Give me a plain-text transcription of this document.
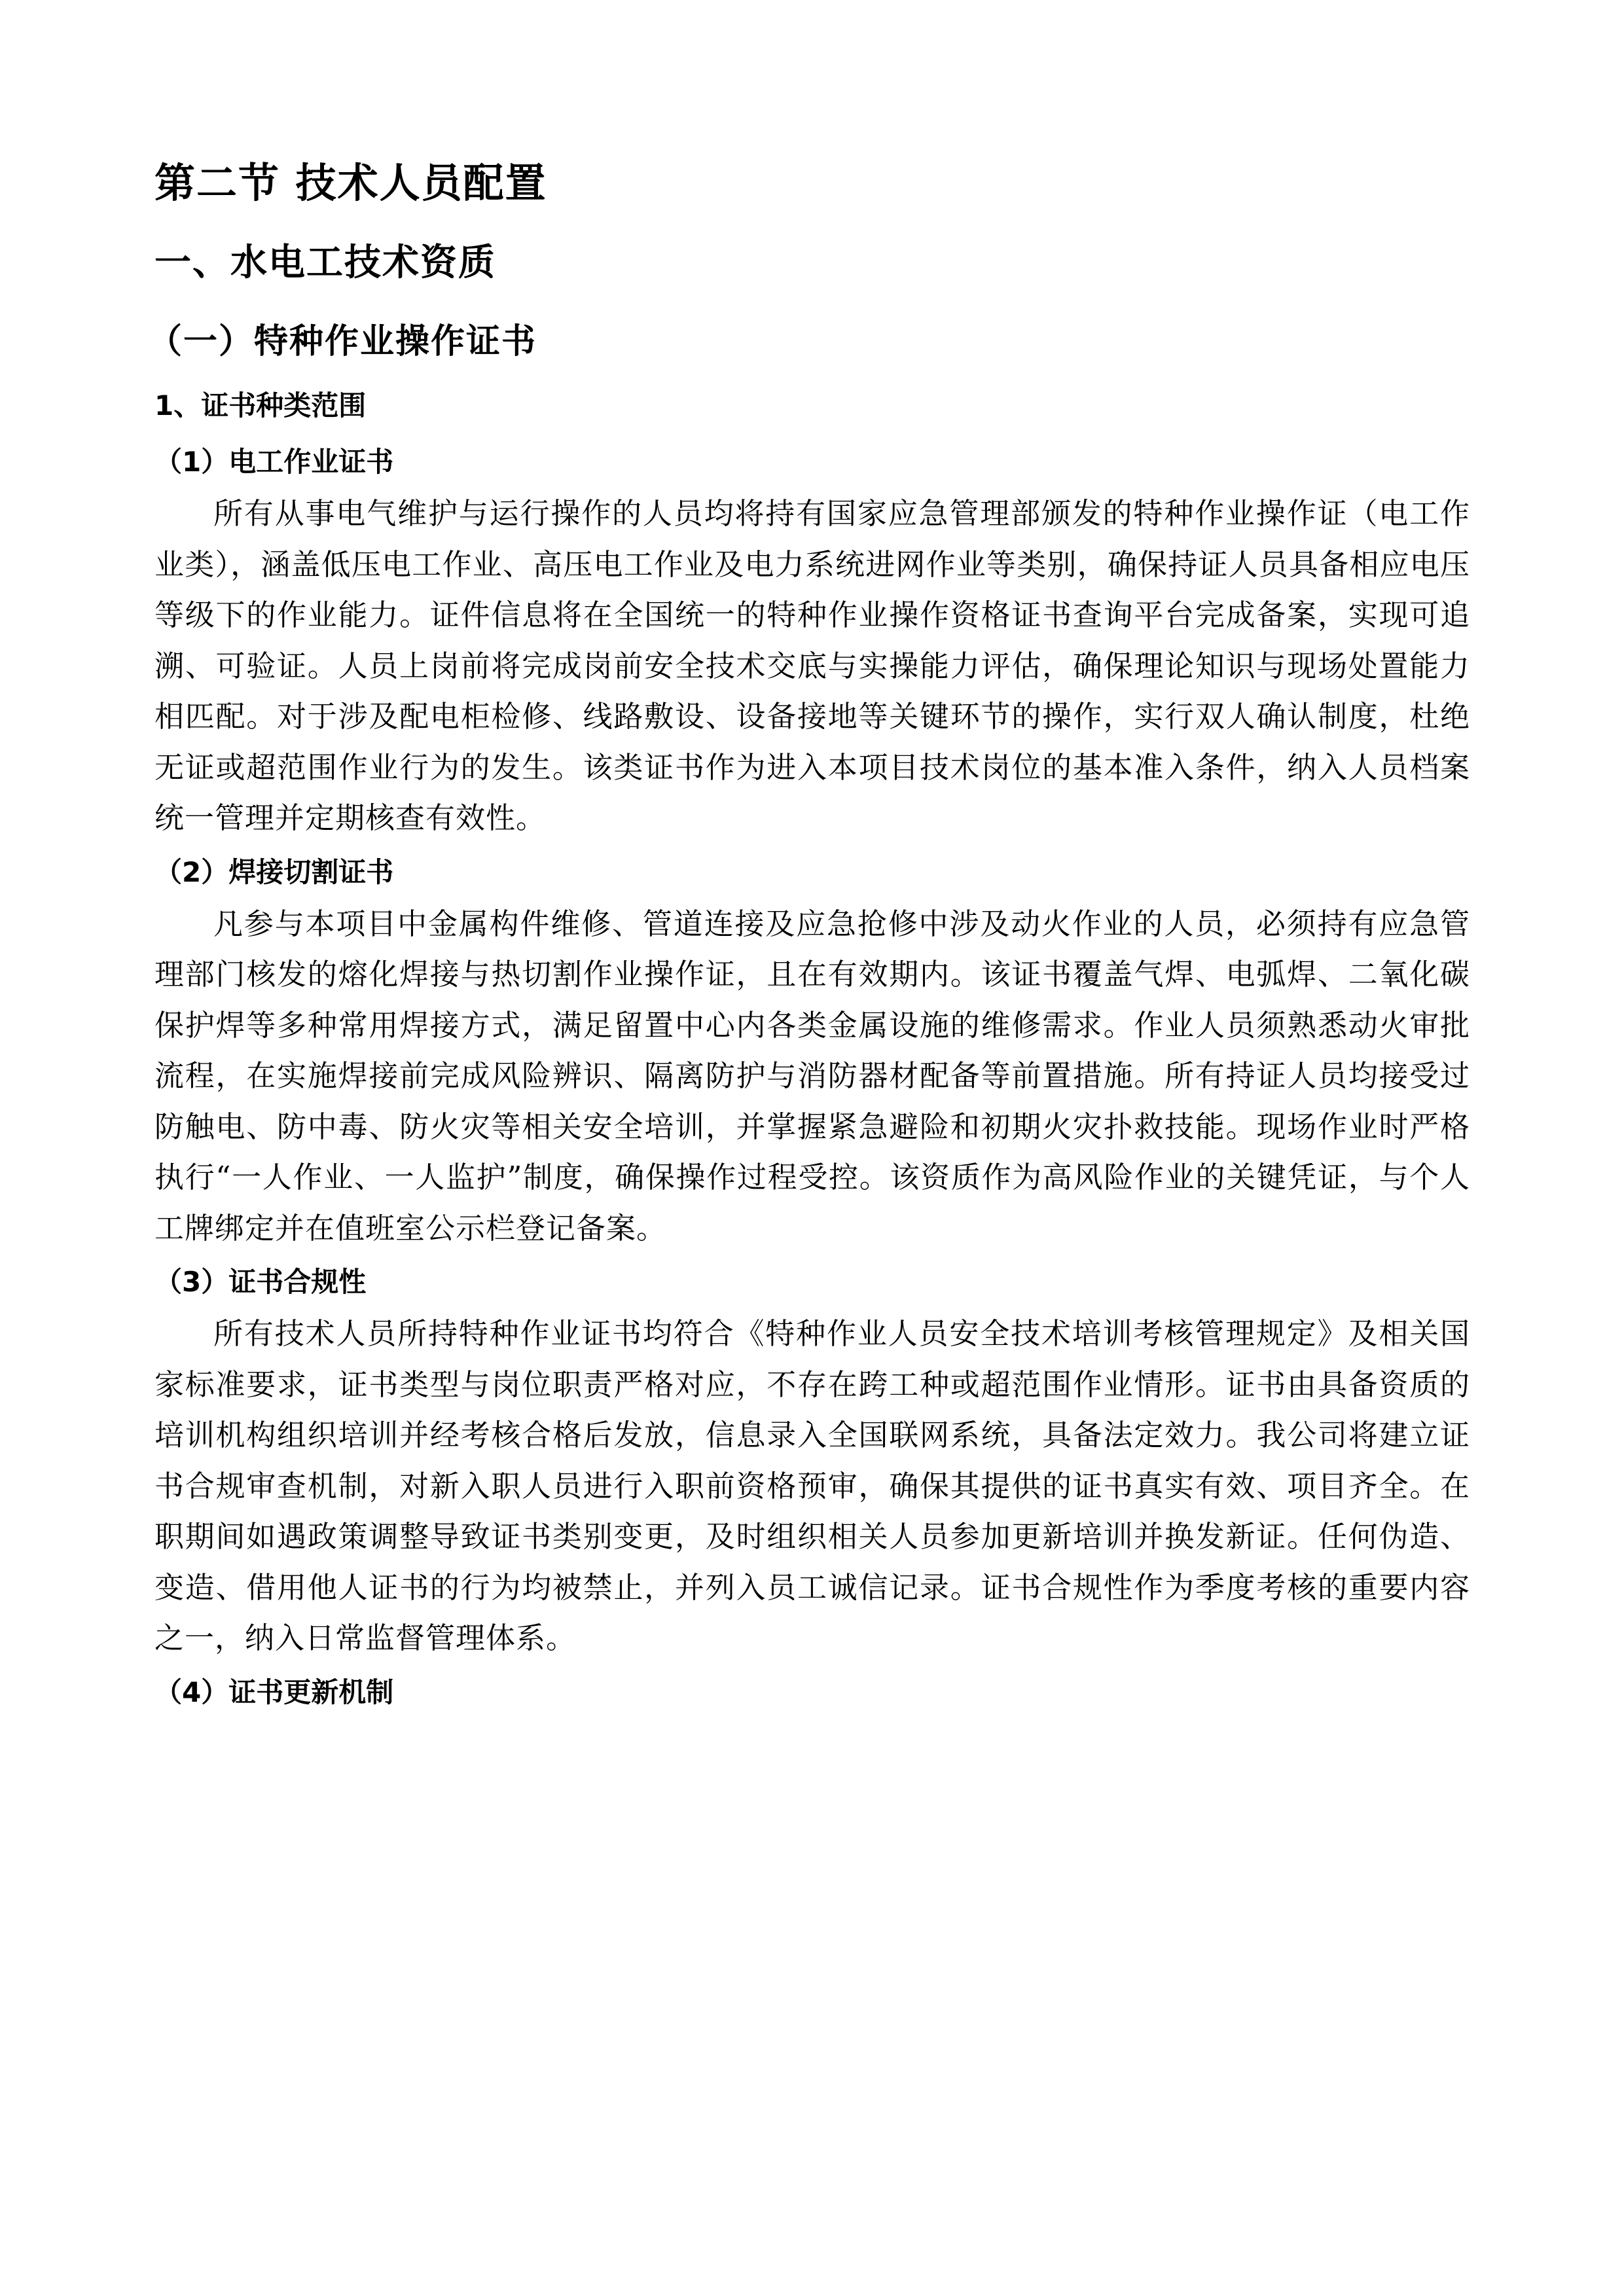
第二节 技术人员配置
一、水电工技术资质
（一）特种作业操作证书
1、证书种类范围
（1）电工作业证书

所有从事电气维护与运行操作的人员均将持有国家应急管理部颁发的特种作业操作证（电工作业类），涵盖低压电工作业、高压电工作业及电力系统进网作业等类别，确保持证人员具备相应电压等级下的作业能力。证件信息将在全国统一的特种作业操作资格证书查询平台完成备案，实现可追溯、可验证。人员上岗前将完成岗前安全技术交底与实操能力评估，确保理论知识与现场处置能力相匹配。对于涉及配电柜检修、线路敷设、设备接地等关键环节的操作，实行双人确认制度，杜绝无证或超范围作业行为的发生。该类证书作为进入本项目技术岗位的基本准入条件，纳入人员档案统一管理并定期核查有效性。

（2）焊接切割证书

凡参与本项目中金属构件维修、管道连接及应急抢修中涉及动火作业的人员，必须持有应急管理部门核发的熔化焊接与热切割作业操作证，且在有效期内。该证书覆盖气焊、电弧焊、二氧化碳保护焊等多种常用焊接方式，满足留置中心内各类金属设施的维修需求。作业人员须熟悉动火审批流程，在实施焊接前完成风险辨识、隔离防护与消防器材配备等前置措施。所有持证人员均接受过防触电、防中毒、防火灾等相关安全培训，并掌握紧急避险和初期火灾扑救技能。现场作业时严格执行“一人作业、一人监护”制度，确保操作过程受控。该资质作为高风险作业的关键凭证，与个人工牌绑定并在值班室公示栏登记备案。

（3）证书合规性

所有技术人员所持特种作业证书均符合《特种作业人员安全技术培训考核管理规定》及相关国家标准要求，证书类型与岗位职责严格对应，不存在跨工种或超范围作业情形。证书由具备资质的培训机构组织培训并经考核合格后发放，信息录入全国联网系统，具备法定效力。我公司将建立证书合规审查机制，对新入职人员进行入职前资格预审，确保其提供的证书真实有效、项目齐全。在职期间如遇政策调整导致证书类别变更，及时组织相关人员参加更新培训并换发新证。任何伪造、变造、借用他人证书的行为均被禁止，并列入员工诚信记录。证书合规性作为季度考核的重要内容之一，纳入日常监督管理体系。

（4）证书更新机制
